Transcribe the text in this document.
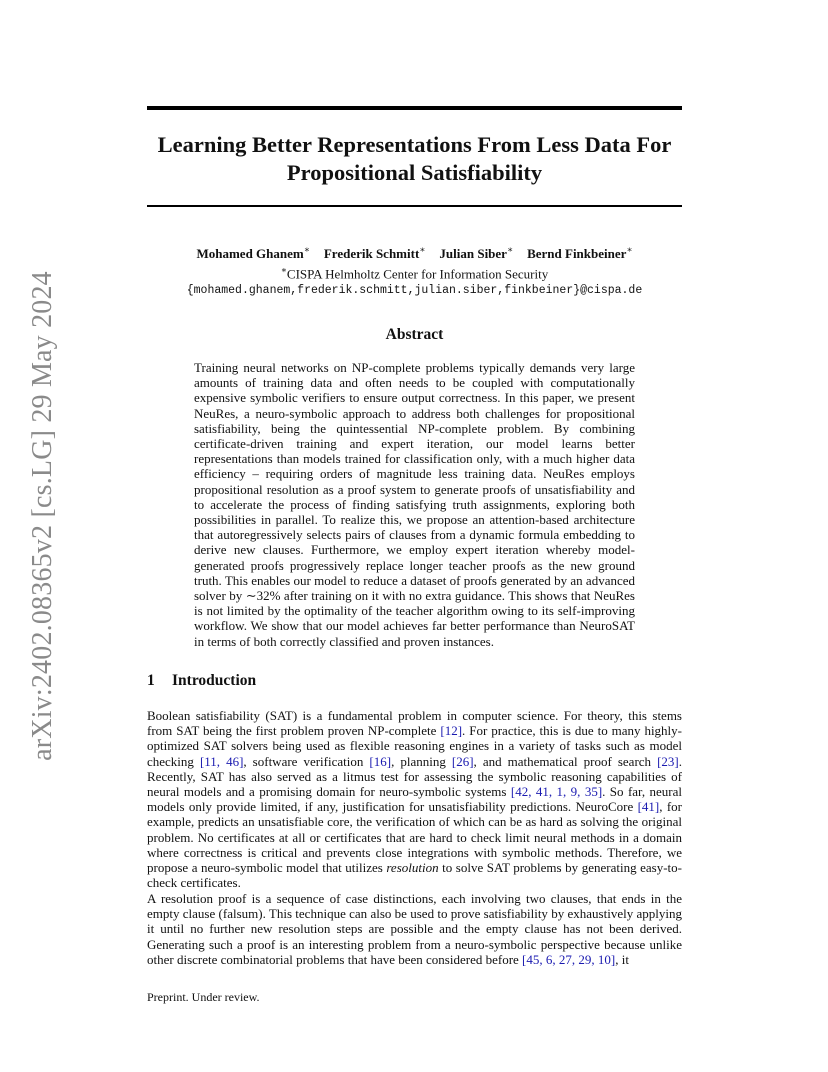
arXiv:2402.08365v2 [cs.LG] 29 May 2024
Learning Better Representations From Less Data For Propositional Satisfiability
Mohamed Ghanem∗ Frederik Schmitt∗ Julian Siber∗ Bernd Finkbeiner∗
∗CISPA Helmholtz Center for Information Security
{mohamed.ghanem,frederik.schmitt,julian.siber,finkbeiner}@cispa.de
Abstract
Training neural networks on NP-complete problems typically demands very large amounts of training data and often needs to be coupled with computationally expensive symbolic verifiers to ensure output correctness. In this paper, we present NeuRes, a neuro-symbolic approach to address both challenges for propositional satisfiability, being the quintessential NP-complete problem. By combining certificate-driven training and expert iteration, our model learns better representations than models trained for classification only, with a much higher data efficiency – requiring orders of magnitude less training data. NeuRes employs propositional resolution as a proof system to generate proofs of unsatisfiability and to accelerate the process of finding satisfying truth assignments, exploring both possibilities in parallel. To realize this, we propose an attention-based architecture that autoregressively selects pairs of clauses from a dynamic formula embedding to derive new clauses. Furthermore, we employ expert iteration whereby model-generated proofs progressively replace longer teacher proofs as the new ground truth. This enables our model to reduce a dataset of proofs generated by an advanced solver by ∼32% after training on it with no extra guidance. This shows that NeuRes is not limited by the optimality of the teacher algorithm owing to its self-improving workflow. We show that our model achieves far better performance than NeuroSAT in terms of both correctly classified and proven instances.
1 Introduction
Boolean satisfiability (SAT) is a fundamental problem in computer science. For theory, this stems from SAT being the first problem proven NP-complete [12]. For practice, this is due to many highly-optimized SAT solvers being used as flexible reasoning engines in a variety of tasks such as model checking [11, 46], software verification [16], planning [26], and mathematical proof search [23]. Recently, SAT has also served as a litmus test for assessing the symbolic reasoning capabilities of neural models and a promising domain for neuro-symbolic systems [42, 41, 1, 9, 35]. So far, neural models only provide limited, if any, justification for unsatisfiability predictions. NeuroCore [41], for example, predicts an unsatisfiable core, the verification of which can be as hard as solving the original problem. No certificates at all or certificates that are hard to check limit neural methods in a domain where correctness is critical and prevents close integrations with symbolic methods. Therefore, we propose a neuro-symbolic model that utilizes resolution to solve SAT problems by generating easy-to-check certificates.
A resolution proof is a sequence of case distinctions, each involving two clauses, that ends in the empty clause (falsum). This technique can also be used to prove satisfiability by exhaustively applying it until no further new resolution steps are possible and the empty clause has not been derived. Generating such a proof is an interesting problem from a neuro-symbolic perspective because unlike other discrete combinatorial problems that have been considered before [45, 6, 27, 29, 10], it
Preprint. Under review.
